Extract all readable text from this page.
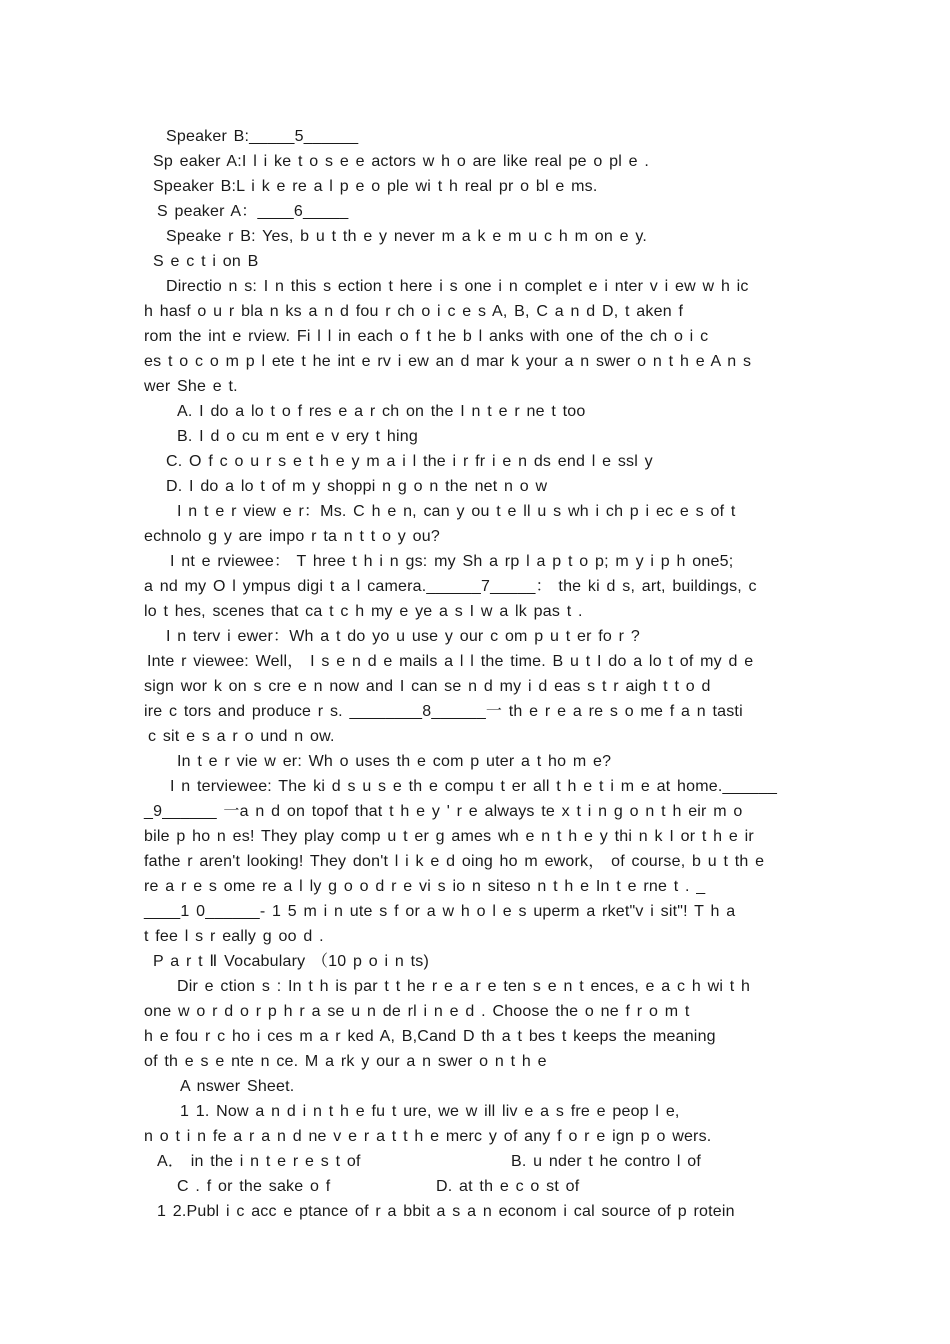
Speaker B:_____5______
Sp eaker A:I l i ke t o s e e actors w h o are like real pe o pl e .
Speaker B:L i k e re a l p e o ple wi t h real pr o bl e ms.
S peaker A：____6_____
Speake r B: Yes, b u t th e y never m a k e m u c h m on e y.
S e c t i on B
Directio n s: I n this s ection t here i s one i n complet e i nter v i ew w h ic
h hasf o u r bla n ks a n d fou r ch o i c e s A, B, C a n d D, t aken f
rom the int e rview. Fi l l in each o f t he b l anks with one of the ch o i c
es t o c o m p l ete t he int e rv i ew an d mar k your a n swer o n t h e A n s
wer She e t.
A. I do a lo t o f res e a r ch on the I n t e r ne t too
B. I d o cu m ent e v ery t hing
C. O f c o u r s e t h e y m a i l the i r fr i e n ds end l e ssl y
D. I do a lo t of m y shoppi n g o n the net n o w
I n t e r view e r：Ms. C h e n, can y ou t e ll u s wh i ch p i ec e s of t
echnolo g y are impo r ta n t t o y ou?
I nt e rviewee： T hree t h i n gs: my Sh a rp l a p t o p; m y i p h one5;
a nd my O l ympus digi t a l camera.______7_____： the ki d s, art, buildings, c
lo t hes, scenes that ca t c h my e ye a s I w a lk pas t .
I n terv i ewer：Wh a t do yo u use y our c om p u t er fo r ?
Inte r viewee: Well， I s e n d e mails a l l the time. B u t I do a lo t of my d e
sign wor k on s cre e n now and I can se n d my i d eas s t r aigh t t o d
ire c tors and produce r s. ________8______一 th e r e a re s o me f a n tasti
c sit e s a r o und n ow.
In t e r vie w er: Wh o uses th e com p uter a t ho m e?
I n terviewee: The ki d s u s e th e compu t er all t h e t i m e at home.______
_9______ 一a n d on topof that t h e y ' r e always te x t i n g o n t h eir m o
bile p ho n es! They play comp u t er g ames wh e n t h e y thi n k I or t h e ir
fathe r aren't looking! They don't l i k e d oing ho m ework， of course, b u t th e
re a r e s ome re a l ly g o o d r e vi s io n siteso n t h e In t e rne t . _
____1 0______- 1 5 m i n ute s f or a w h o l e s uperm a rket"v i sit"! T h a
t fee l s r eally g oo d .
P a r t Ⅱ Vocabulary （10 p o i n ts)
Dir e ction s : In t h is par t t he r e a r e ten s e n t ences, e a c h wi t h
one w o r d o r p h r a se u n de rl i n e d . Choose the o ne f r o m t
h e fou r c ho i ces m a r ked A, B,Cand D th a t bes t keeps the meaning
of th e s e nte n ce. M a rk y our a n swer o n t h e
A nswer Sheet.
1 1. Now a n d i n t h e fu t ure, we w ill liv e a s fre e peop l e,
n o t i n fe a r a n d ne v e r a t t h e merc y of any f o r e ign p o wers.
A． in the i n t e r e s t of	B. u nder t he contro l of
C . f or the sake o f	D. at th e c o st of
1 2.Publ i c acc e ptance of r a bbit a s a n econom i cal source of p rotein
